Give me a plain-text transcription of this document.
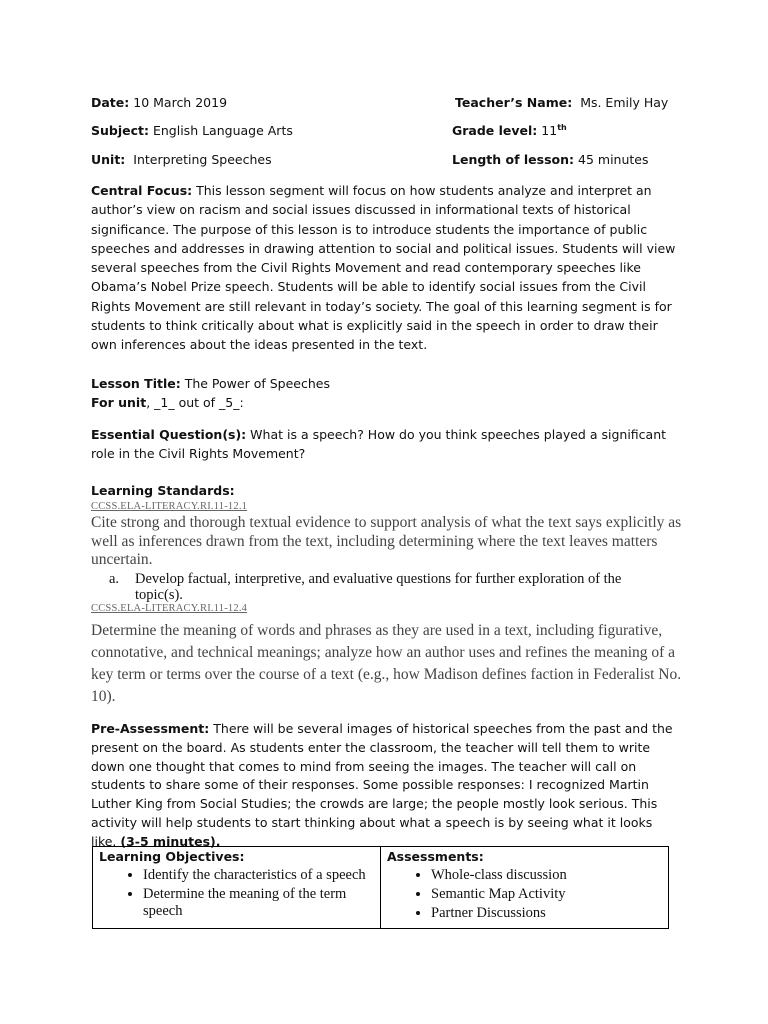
Date: 10 March 2019	Teacher’s Name: Ms. Emily Hay
Subject: English Language Arts	Grade level: 11th
Unit: Interpreting Speeches	Length of lesson: 45 minutes
Central Focus: This lesson segment will focus on how students analyze and interpret an author’s view on racism and social issues discussed in informational texts of historical significance. The purpose of this lesson is to introduce students the importance of public speeches and addresses in drawing attention to social and political issues. Students will view several speeches from the Civil Rights Movement and read contemporary speeches like Obama’s Nobel Prize speech. Students will be able to identify social issues from the Civil Rights Movement are still relevant in today’s society. The goal of this learning segment is for students to think critically about what is explicitly said in the speech in order to draw their own inferences about the ideas presented in the text.
Lesson Title: The Power of Speeches
For unit, _1_ out of _5_:
Essential Question(s): What is a speech? How do you think speeches played a significant role in the Civil Rights Movement?
Learning Standards:
CCSS.ELA-LITERACY.RI.11-12.1
Cite strong and thorough textual evidence to support analysis of what the text says explicitly as well as inferences drawn from the text, including determining where the text leaves matters uncertain.
a. Develop factual, interpretive, and evaluative questions for further exploration of the
topic(s).
CCSS.ELA-LITERACY.RI.11-12.4
Determine the meaning of words and phrases as they are used in a text, including figurative, connotative, and technical meanings; analyze how an author uses and refines the meaning of a key term or terms over the course of a text (e.g., how Madison defines faction in Federalist No. 10).
Pre-Assessment: There will be several images of historical speeches from the past and the present on the board. As students enter the classroom, the teacher will tell them to write down one thought that comes to mind from seeing the images. The teacher will call on students to share some of their responses. Some possible responses: I recognized Martin Luther King from Social Studies; the crowds are large; the people mostly look serious. This activity will help students to start thinking about what a speech is by seeing what it looks like. (3-5 minutes).
Learning Objectives:
• Identify the characteristics of a speech
• Determine the meaning of the term speech

Assessments:
• Whole-class discussion
• Semantic Map Activity
• Partner Discussions
